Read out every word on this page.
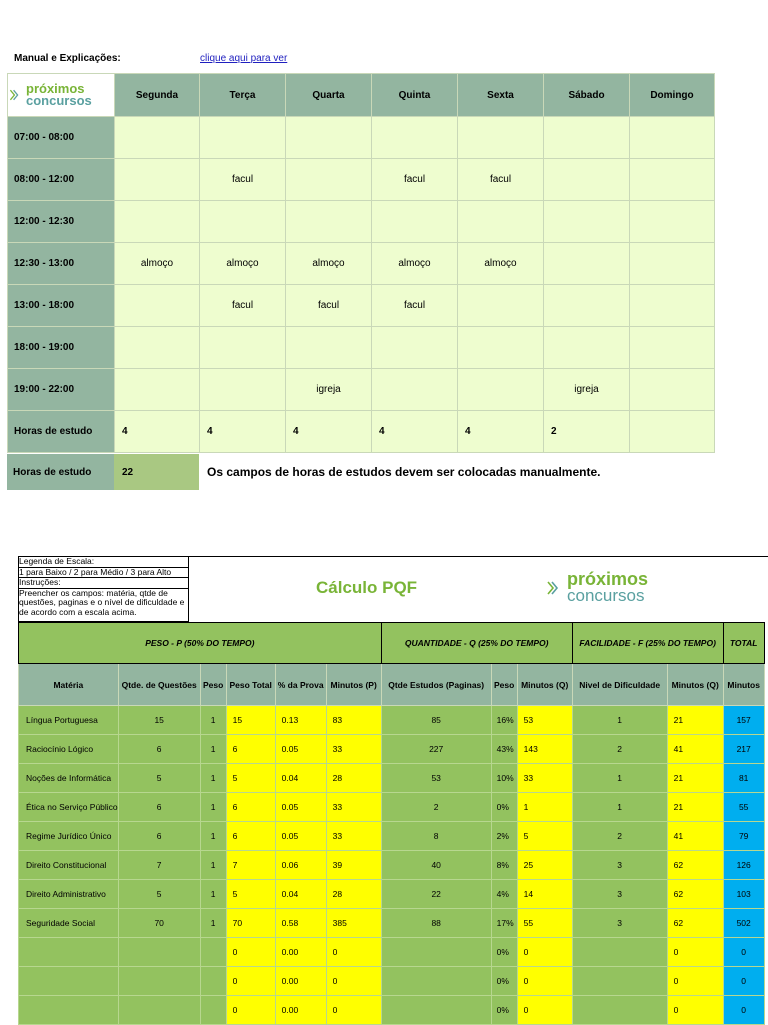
Manual e Explicações:	clique aqui para ver
próximos
concursos	Segunda	Terça	Quarta	Quinta	Sexta	Sábado	Domingo
07:00 - 08:00							
08:00 - 12:00		facul		facul	facul		
12:00 - 12:30							
12:30 - 13:00	almoço	almoço	almoço	almoço	almoço		
13:00 - 18:00		facul	facul	facul			
18:00 - 19:00							
19:00 - 22:00			igreja			igreja	
Horas de estudo	4	4	4	4	4	2	
Horas de estudo	22	Os campos de horas de estudos devem ser colocadas manualmente.
Legenda de Escala:
1 para Baixo / 2 para Médio / 3 para Alto
Instruções:
Preencher os campos: matéria, qtde de questões, paginas e o nível de dificuldade e de acordo com a escala acima.
Cálculo PQF	próximos
concursos
PESO - P (50% DO TEMPO)						QUANTIDADE - Q (25% DO TEMPO)			FACILIDADE - F (25% DO TEMPO)		TOTAL
Matéria	Qtde. de Questões	Peso	Peso Total	% da Prova	Minutos (P)	Qtde Estudos (Paginas)	Peso	Minutos (Q)	Nivel de Dificuldade	Minutos (Q)	Minutos
Língua Portuguesa	15	1	15	0.13	83	85	16%	53	1	21	157
Raciocínio Lógico	6	1	6	0.05	33	227	43%	143	2	41	217
Noções de Informática	5	1	5	0.04	28	53	10%	33	1	21	81
Ética no Serviço Público	6	1	6	0.05	33	2	0%	1	1	21	55
Regime Jurídico Único	6	1	6	0.05	33	8	2%	5	2	41	79
Direito Constitucional	7	1	7	0.06	39	40	8%	25	3	62	126
Direito Administrativo	5	1	5	0.04	28	22	4%	14	3	62	103
Seguridade Social	70	1	70	0.58	385	88	17%	55	3	62	502
			0	0.00	0		0%	0		0	0
			0	0.00	0		0%	0		0	0
			0	0.00	0		0%	0		0	0
